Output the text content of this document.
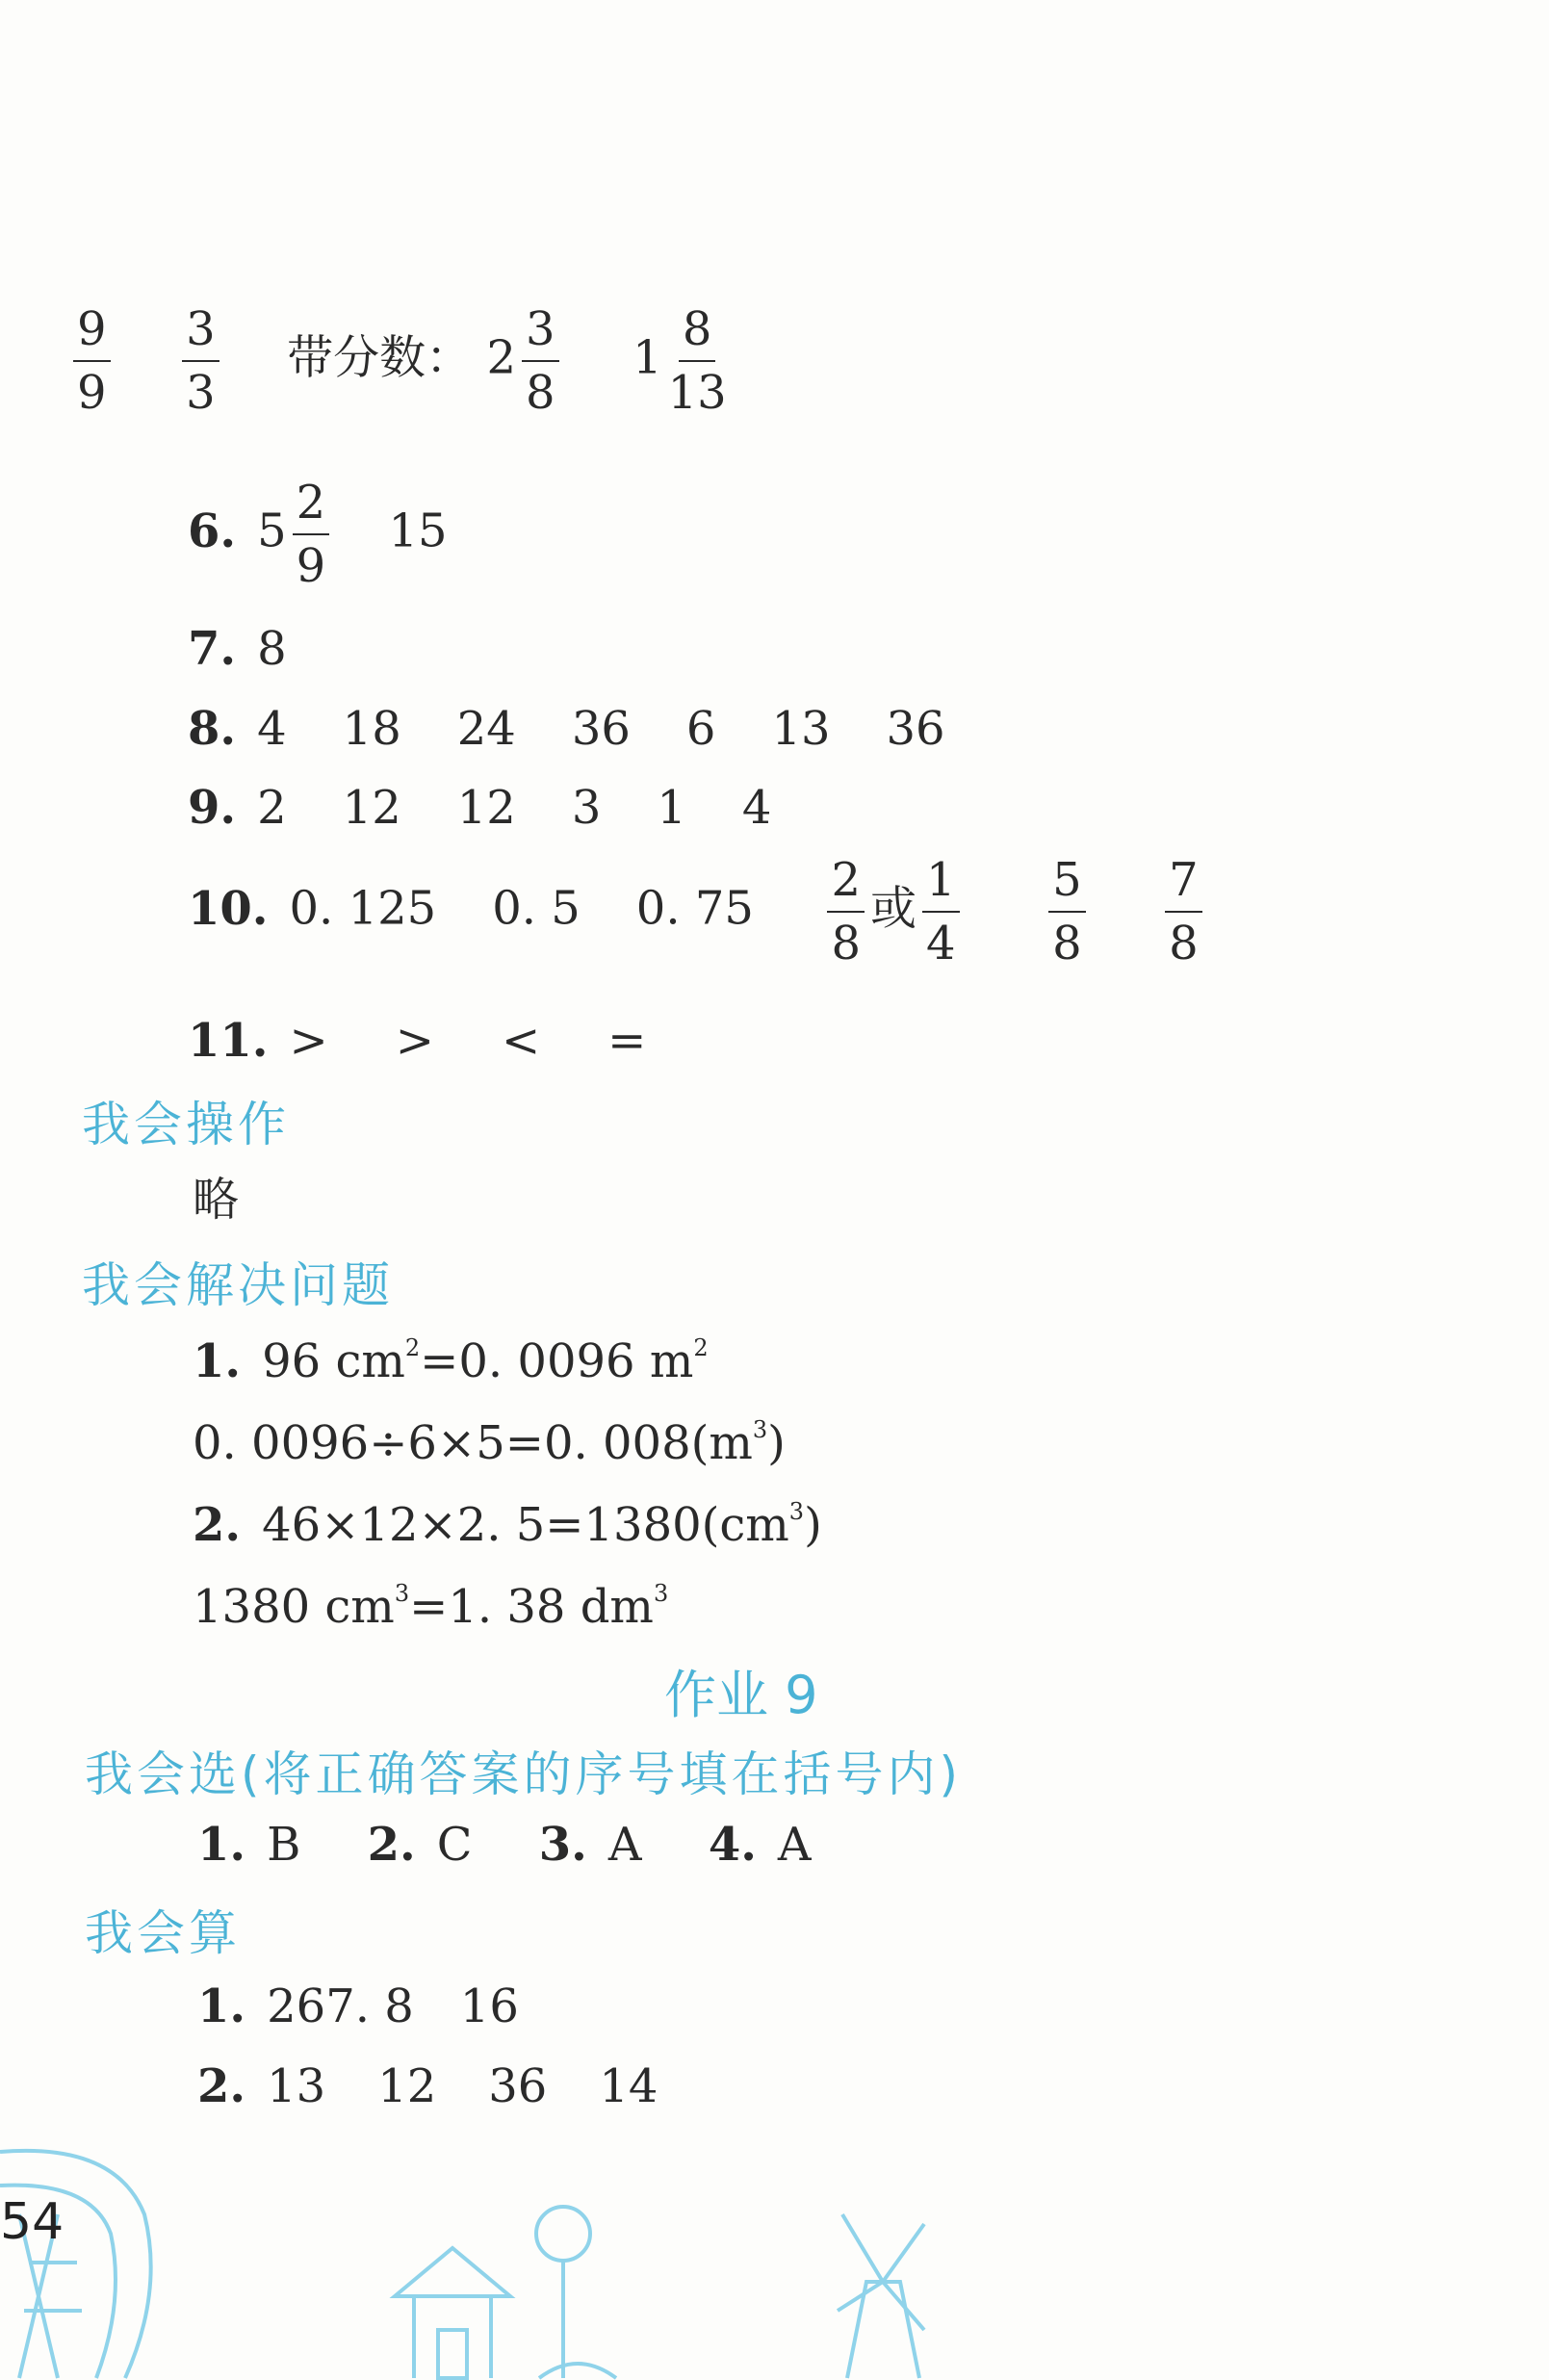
$\frac{9}{9}$
$\frac{3}{3}$ 带分数： $2 \frac{3}{8} 1 \frac{8}{13}$
6. $5 \frac{2}{9} 15$
7. 8
8. 4 18 24 36 6 13 36
9. 2 12 12 3 1 4
10. 0. 125 0. 5 0. $75 \frac{2}{8}$ 或 $\frac{1}{4}$
$\frac{5}{8}$
$\frac{7}{8}$
11. > > < =
我会操作
略
我会解决问题
1. 96 $cm^2=0$. 0096 $m^2$
0. 0096÷6×5=0. $008(m^3)$
2. 46×12×2. $5=1380(cm^3)$
1380 $cm^3=1$. 38 $dm^3$
作业 9
我会选(将正确答案的序号填在括号内)
1. B 2. C 3. A 4. A
我会算
1. 267. 8 16
2. 13 12 36 14
54
